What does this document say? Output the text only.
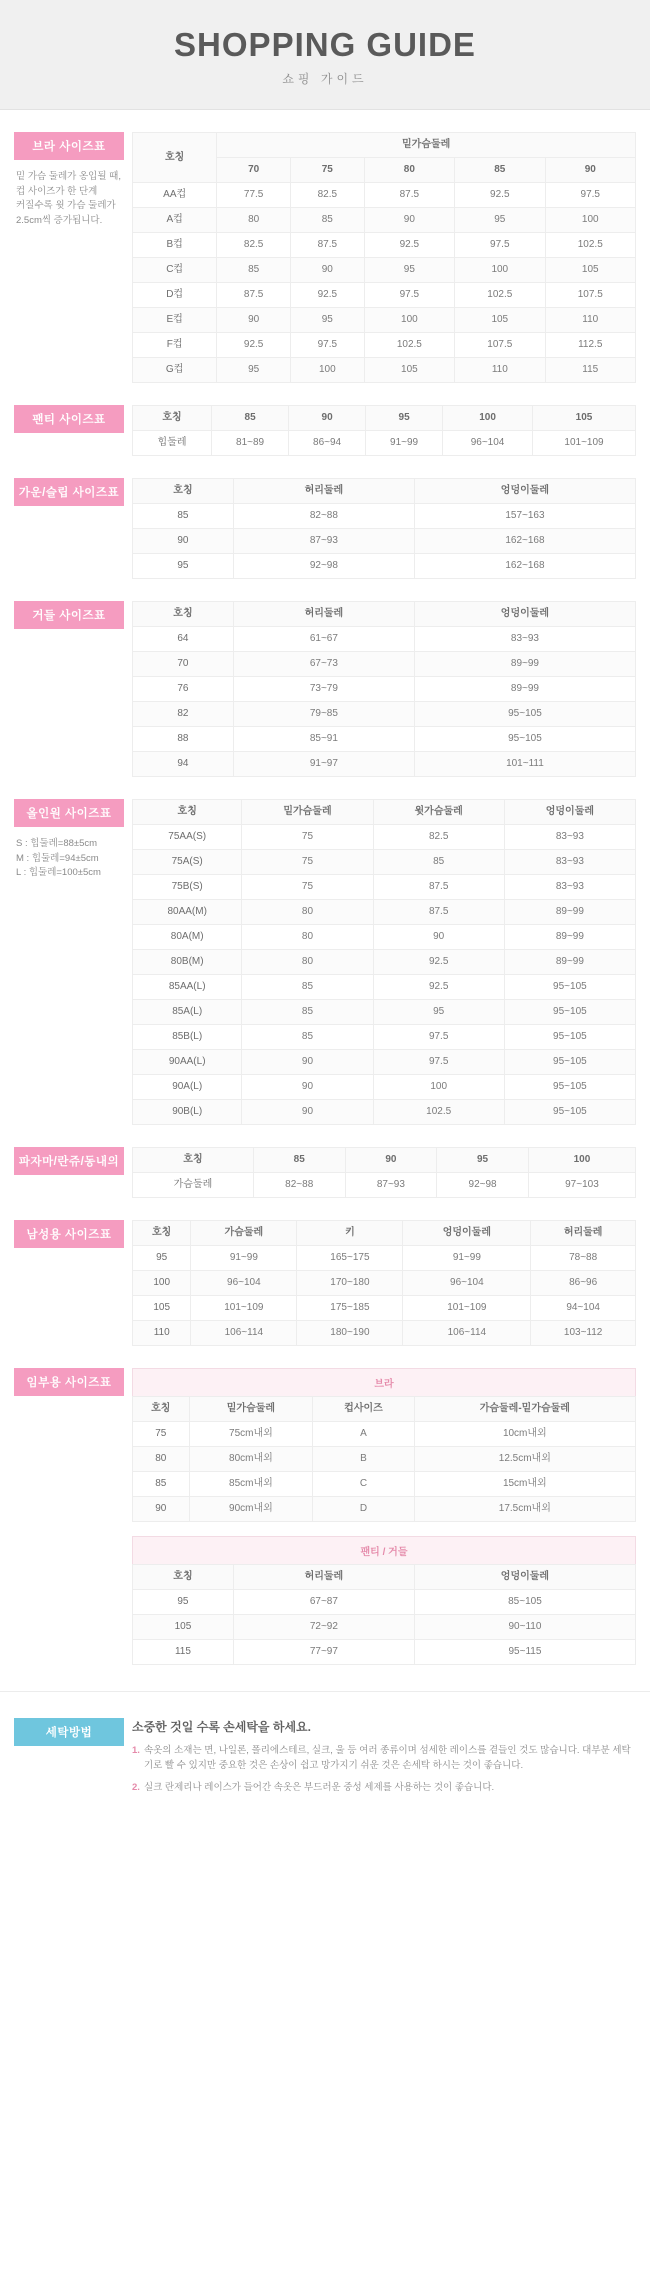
SHOPPING GUIDE
쇼핑 가이드
브라 사이즈표
밑 가슴 둘레가 옹입될 때,
컵 사이즈가 한 단계
커질수록 윗 가슴 둘레가
2.5cm씩 증가됩니다.
호칭	밑가슴둘레				
	70	75	80	85	90
AA컵	77.5	82.5	87.5	92.5	97.5
A컵	80	85	90	95	100
B컵	82.5	87.5	92.5	97.5	102.5
C컵	85	90	95	100	105
D컵	87.5	92.5	97.5	102.5	107.5
E컵	90	95	100	105	110
F컵	92.5	97.5	102.5	107.5	112.5
G컵	95	100	105	110	115
팬티 사이즈표	호칭	85	90	95	100	105
힙둘레	81~89	86~94	91~99	96~104	101~109
가운/슬립 사이즈표	호칭	허리둘레	엉덩이둘레
85	82~88	157~163
90	87~93	162~168
95	92~98	162~168
거들 사이즈표	호칭	허리둘레	엉덩이둘레
64	61~67	83~93
70	67~73	89~99
76	73~79	89~99
82	79~85	95~105
88	85~91	95~105
94	91~97	101~111
올인원 사이즈표
S : 힙둘레=88±5cm
M : 힙둘레=94±5cm
L : 힙둘레=100±5cm
호칭	밑가슴둘레	윗가슴둘레	엉덩이둘레
75AA(S)	75	82.5	83~93
75A(S)	75	85	83~93
75B(S)	75	87.5	83~93
80AA(M)	80	87.5	89~99
80A(M)	80	90	89~99
80B(M)	80	92.5	89~99
85AA(L)	85	92.5	95~105
85A(L)	85	95	95~105
85B(L)	85	97.5	95~105
90AA(L)	90	97.5	95~105
90A(L)	90	100	95~105
90B(L)	90	102.5	95~105
파자마/란쥬/동내의	호칭	85	90	95	100
가슴둘레	82~88	87~93	92~98	97~103
남성용 사이즈표	호칭	가슴둘레	키	엉덩이둘레	허리둘레
95	91~99	165~175	91~99	78~88
100	96~104	170~180	96~104	86~96
105	101~109	175~185	101~109	94~104
110	106~114	180~190	106~114	103~112
임부용 사이즈표	브라
호칭	밑가슴둘레	컵사이즈	가슴둘레-밑가슴둘레
75	75cm내외	A	10cm내외
80	80cm내외	B	12.5cm내외
85	85cm내외	C	15cm내외
90	90cm내외	D	17.5cm내외
팬티 / 거들
호칭	허리둘레	엉덩이둘레
95	67~87	85~105
105	72~92	90~110
115	77~97	95~115
세탁방법	소중한 것일 수록 손세탁을 하세요.

1. 속옷의 소재는 면, 나일론, 폴리에스테르, 실크, 울 등 여러 종류이며 섬세한 레이스를 곁들인 것도 많습니다. 대부분 세탁기로 빨 수 있지만 중요한 것은 손상이 쉽고 망가지기 쉬운 것은 손세탁 하시는 것이 좋습니다.
2. 실크 란제리나 레이스가 들어간 속옷은 부드러운 중성 세제를 사용하는 것이 좋습니다.
